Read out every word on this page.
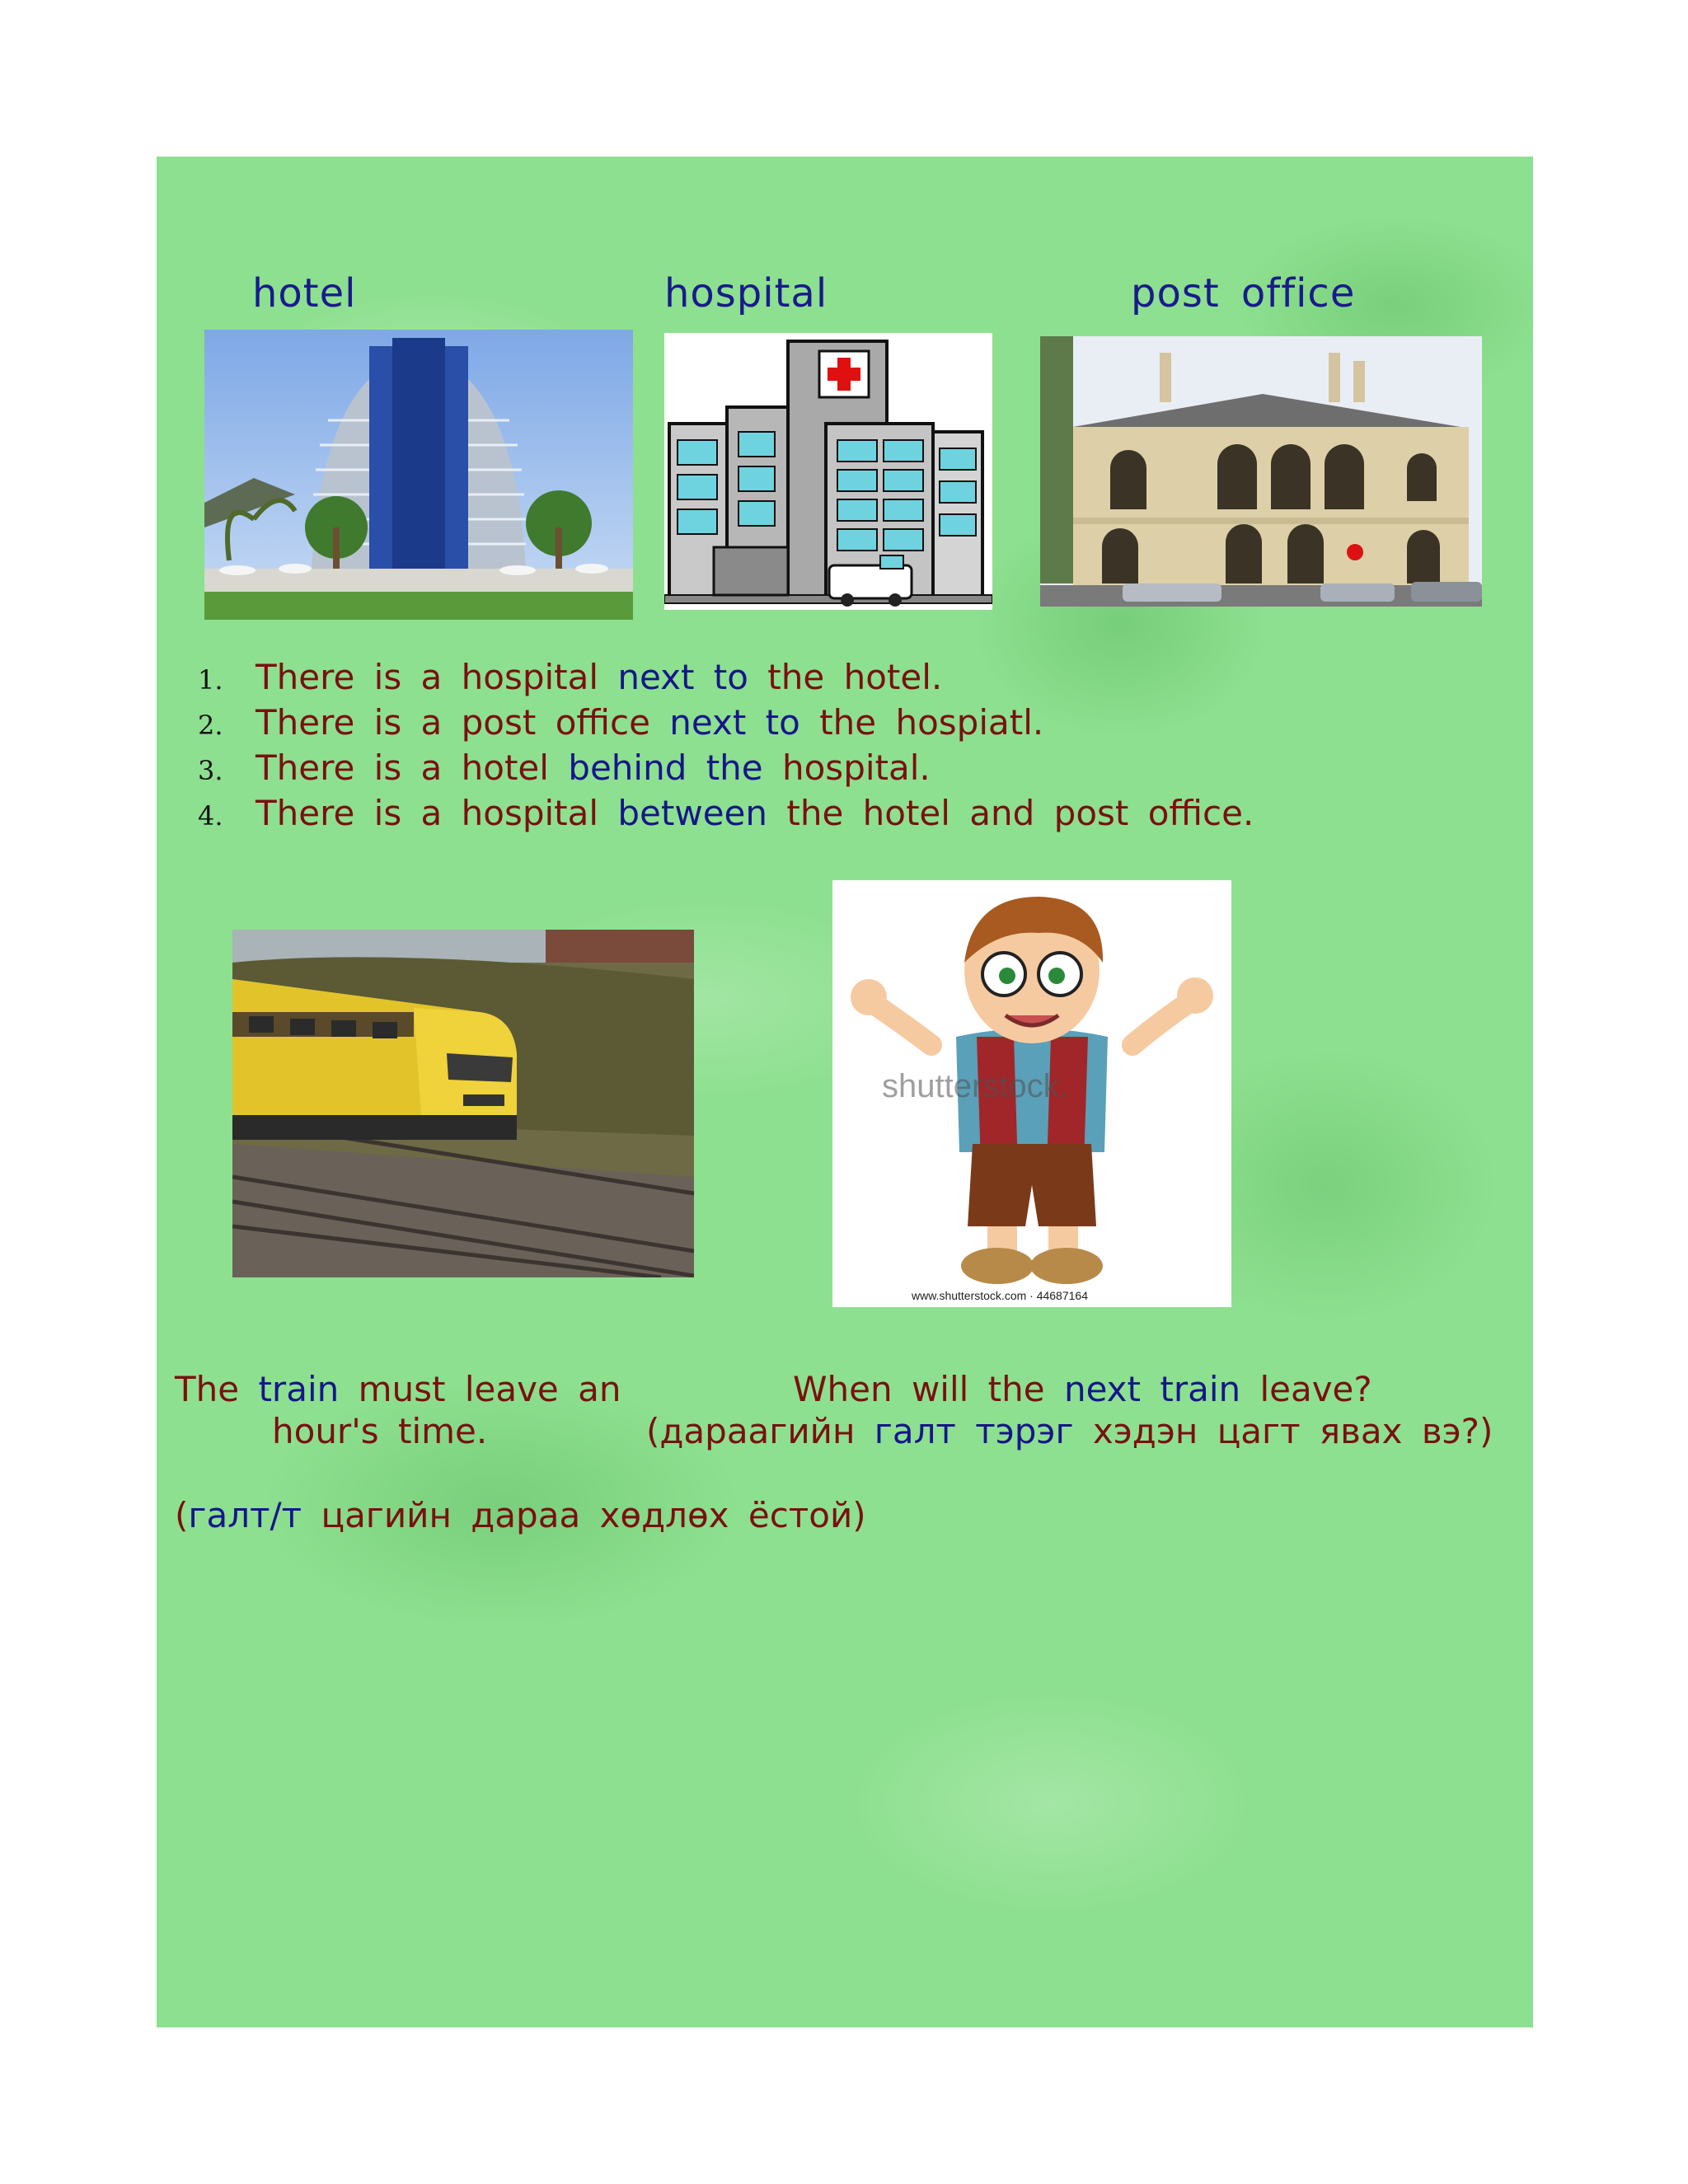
hotel	hospital	post office
1. There is a hospital next to the hotel.
2. There is a post office next to the hospiatl.
3. There is a hotel behind the hospital.
4. There is a hospital between the hotel and post office.
shutterstock.
www.shutterstock.com · 44687164
The train must leave an
hour's time.
(галт/т цагийн дараа хөдлөх ёстой)
When will the next train leave?
(дараагийн галт тэрэг хэдэн цагт явах вэ?)
